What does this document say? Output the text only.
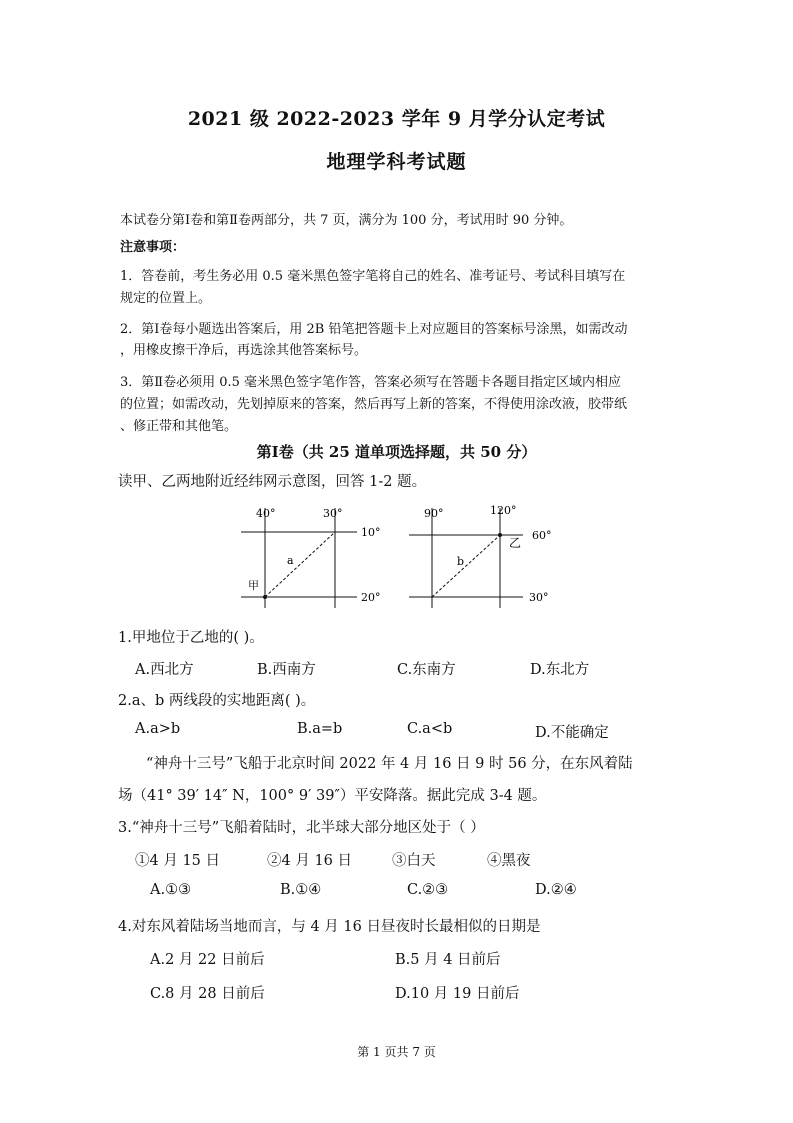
2021 级 2022-2023 学年 9 月学分认定考试
地理学科考试题
本试卷分第Ⅰ卷和第Ⅱ卷两部分，共 7 页，满分为 100 分，考试用时 90 分钟。
注意事项：
1．答卷前，考生务必用 0.5 毫米黑色签字笔将自己的姓名、准考证号、考试科目填写在
规定的位置上。
2．第Ⅰ卷每小题选出答案后，用 2B 铅笔把答题卡上对应题目的答案标号涂黑，如需改动
，用橡皮擦干净后，再选涂其他答案标号。
3．第Ⅱ卷必须用 0.5 毫米黑色签字笔作答，答案必须写在答题卡各题目指定区域内相应
的位置；如需改动，先划掉原来的答案，然后再写上新的答案，不得使用涂改液，胶带纸
、修正带和其他笔。
第Ⅰ卷（共 25 道单项选择题，共 50 分）
读甲、乙两地附近经纬网示意图，回答 1-2 题。
40°	30°
10°
20°
a
甲
90°	120°
60°
30°
b
乙
1.甲地位于乙地的( )。
A.西北方	B.西南方	C.东南方	D.东北方
2.a、b 两线段的实地距离( )。
A.a>b	B.a=b	C.a<b	D.不能确定
“神舟十三号”飞船于北京时间 2022 年 4 月 16 日 9 时 56 分，在东风着陆
场（41° 39′ 14″ N，100° 9′ 39″）平安降落。据此完成 3-4 题。
3.“神舟十三号”飞船着陆时，北半球大部分地区处于（ ）
①4 月 15 日	②4 月 16 日	③白天	④黑夜
A.①③	B.①④	C.②③	D.②④
4.对东风着陆场当地而言，与 4 月 16 日昼夜时长最相似的日期是
A.2 月 22 日前后	B.5 月 4 日前后
C.8 月 28 日前后	D.10 月 19 日前后
第 1 页共 7 页
